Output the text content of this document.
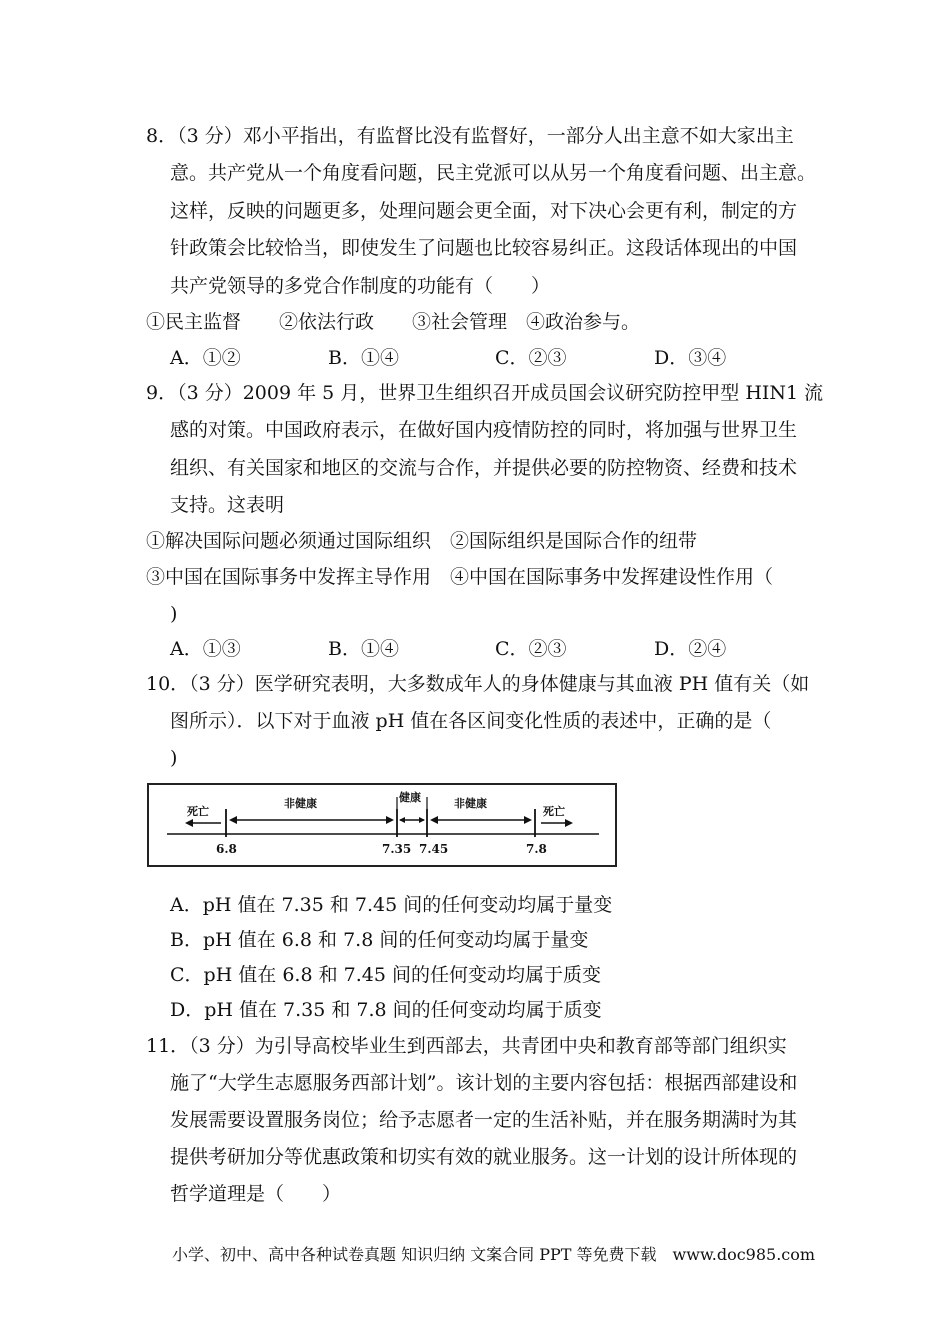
8．（3 分）邓小平指出，有监督比没有监督好，一部分人出主意不如大家出主
意。共产党从一个角度看问题，民主党派可以从另一个角度看问题、出主意。
这样，反映的问题更多，处理问题会更全面，对下决心会更有利，制定的方
针政策会比较恰当，即使发生了问题也比较容易纠正。这段话体现出的中国
共产党领导的多党合作制度的功能有（　　）
①民主监督　　②依法行政　　③社会管理　④政治参与。
A．①②	B．①④	C．②③	D．③④
9．（3 分）2009 年 5 月，世界卫生组织召开成员国会议研究防控甲型 HIN1 流
感的对策。中国政府表示，在做好国内疫情防控的同时，将加强与世界卫生
组织、有关国家和地区的交流与合作，并提供必要的防控物资、经费和技术
支持。这表明
①解决国际问题必须通过国际组织　②国际组织是国际合作的纽带
③中国在国际事务中发挥主导作用　④中国在国际事务中发挥建设性作用（
)
A．①③	B．①④	C．②③	D．②④
10．（3 分）医学研究表明，大多数成年人的身体健康与其血液 PH 值有关（如
图所示）．以下对于血液 pH 值在各区间变化性质的表述中，正确的是（
)
死亡
非健康	健康	非健康
死亡
6.8	7.35 7.45	7.8
A．pH 值在 7.35 和 7.45 间的任何变动均属于量变
B．pH 值在 6.8 和 7.8 间的任何变动均属于量变
C．pH 值在 6.8 和 7.45 间的任何变动均属于质变
D．pH 值在 7.35 和 7.8 间的任何变动均属于质变
11．（3 分）为引导高校毕业生到西部去，共青团中央和教育部等部门组织实
施了“大学生志愿服务西部计划”。该计划的主要内容包括：根据西部建设和
发展需要设置服务岗位；给予志愿者一定的生活补贴，并在服务期满时为其
提供考研加分等优惠政策和切实有效的就业服务。这一计划的设计所体现的
哲学道理是（　　）
小学、初中、高中各种试卷真题 知识归纳 文案合同 PPT 等免费下载　www.doc985.com
